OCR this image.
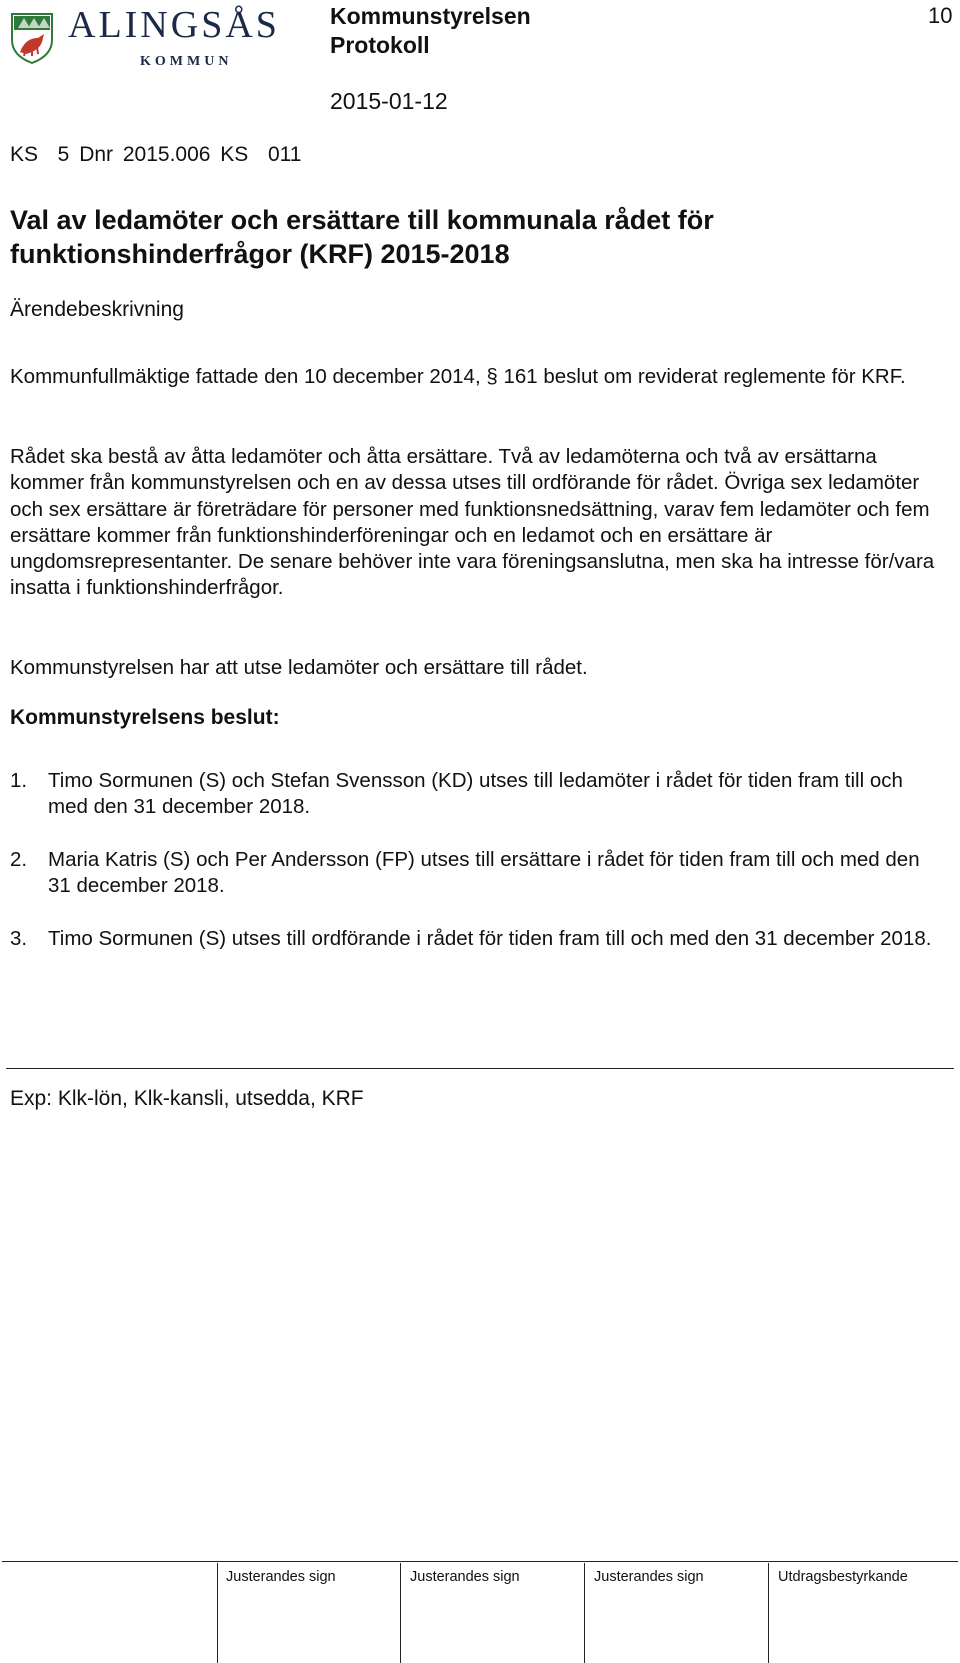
ALINGSÅS
KOMMUN
Kommunstyrelsen
Protokoll
2015-01-12
10
KS  5 Dnr 2015.006 KS  011
Val av ledamöter och ersättare till kommunala rådet för funktionshinderfrågor (KRF) 2015-2018
Ärendebeskrivning
Kommunfullmäktige fattade den 10 december 2014, § 161 beslut om reviderat reglemente för KRF.
Rådet ska bestå av åtta ledamöter och åtta ersättare. Två av ledamöterna och två av ersättarna kommer från kommunstyrelsen och en av dessa utses till ordförande för rådet. Övriga sex ledamöter och sex ersättare är företrädare för personer med funktionsnedsättning, varav fem ledamöter och fem ersättare kommer från funktionshinderföreningar och en ledamot och en ersättare är ungdomsrepresentanter. De senare behöver inte vara föreningsanslutna, men ska ha intresse för/vara insatta i funktionshinderfrågor.
Kommunstyrelsen har att utse ledamöter och ersättare till rådet.
Kommunstyrelsens beslut:
1.	Timo Sormunen (S) och Stefan Svensson (KD) utses till ledamöter i rådet för tiden fram till och med den 31 december 2018.
2.	Maria Katris (S) och Per Andersson (FP) utses till ersättare i rådet för tiden fram till och med den 31 december 2018.
3.	Timo Sormunen (S) utses till ordförande i rådet för tiden fram till och med den 31 december 2018.
Exp: Klk-lön, Klk-kansli, utsedda, KRF
Justerandes sign	Justerandes sign	Justerandes sign	Utdragsbestyrkande
